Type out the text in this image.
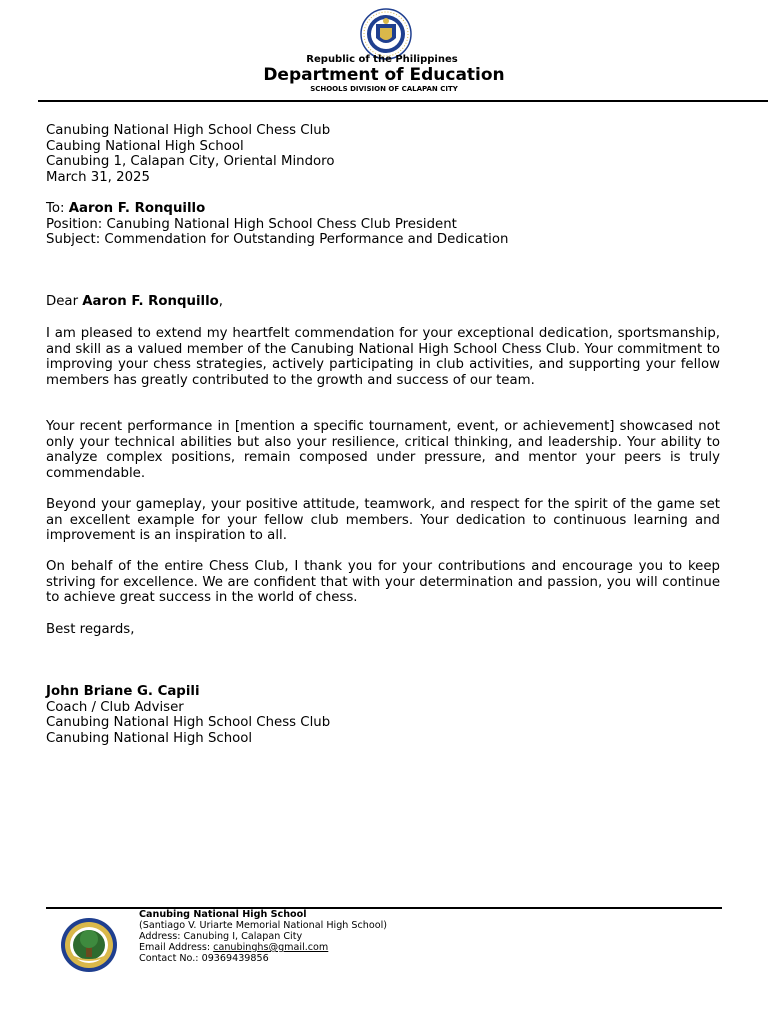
Republic of the Philippines
Department of Education
SCHOOLS DIVISION OF CALAPAN CITY
Canubing National High School Chess Club
Caubing National High School
Canubing 1, Calapan City, Oriental Mindoro
March 31, 2025
To: Aaron F. Ronquillo
Position: Canubing National High School Chess Club President
Subject: Commendation for Outstanding Performance and Dedication
Dear Aaron F. Ronquillo,
I am pleased to extend my heartfelt commendation for your exceptional dedication, sportsmanship, and skill as a valued member of the Canubing National High School Chess Club. Your commitment to improving your chess strategies, actively participating in club activities, and supporting your fellow members has greatly contributed to the growth and success of our team.
Your recent performance in [mention a specific tournament, event, or achievement] showcased not only your technical abilities but also your resilience, critical thinking, and leadership. Your ability to analyze complex positions, remain composed under pressure, and mentor your peers is truly commendable.
Beyond your gameplay, your positive attitude, teamwork, and respect for the spirit of the game set an excellent example for your fellow club members. Your dedication to continuous learning and improvement is an inspiration to all.
On behalf of the entire Chess Club, I thank you for your contributions and encourage you to keep striving for excellence. We are confident that with your determination and passion, you will continue to achieve great success in the world of chess.
Best regards,
John Briane G. Capili
Coach / Club Adviser
Canubing National High School Chess Club
Canubing National High School
Canubing National High School
(Santiago V. Uriarte Memorial National High School)
Address: Canubing I, Calapan City
Email Address: canubinghs@gmail.com
Contact No.: 09369439856
